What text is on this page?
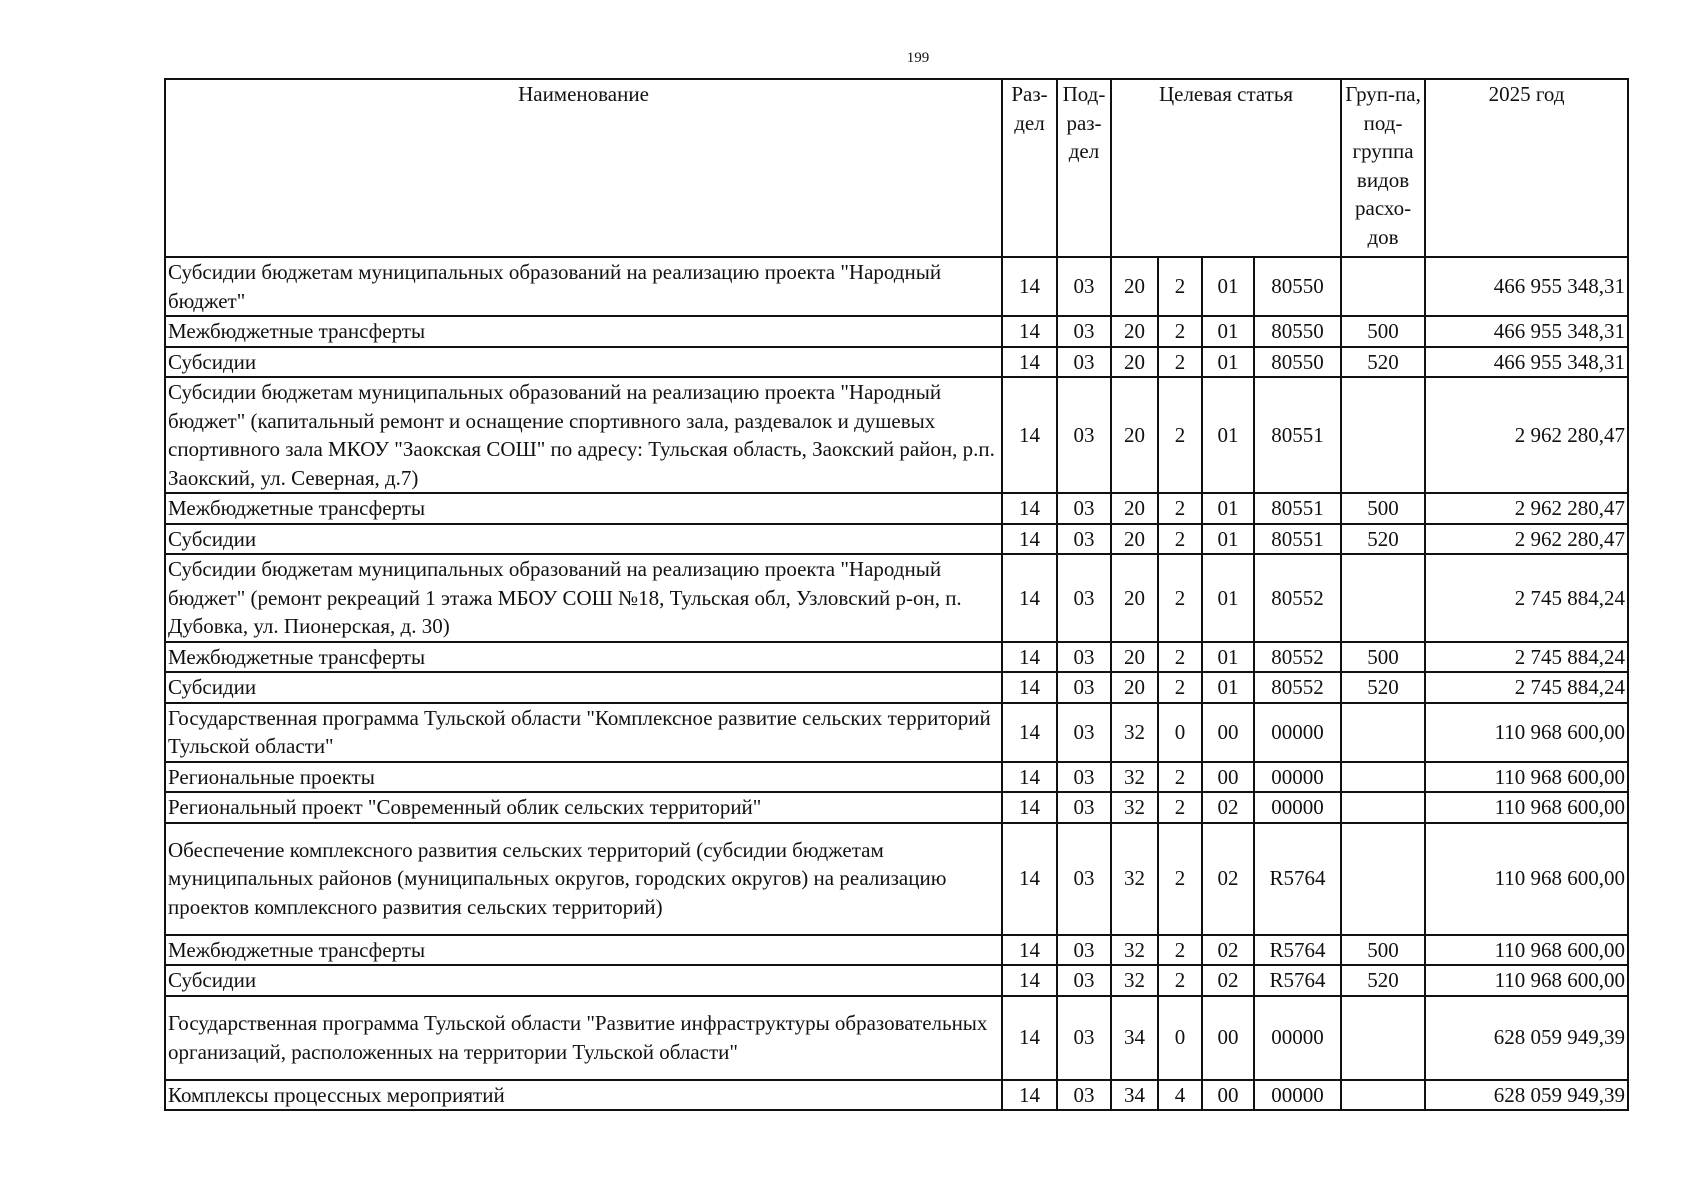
199
Наименование	Раз-дел	Под-раз-дел	Целевая статья				Груп-па, под-группа видов расхо-дов	2025 год
Субсидии бюджетам муниципальных образований на реализацию проекта "Народный бюджет"	14	03	20	2	01	80550		466 955 348,31
Межбюджетные трансферты	14	03	20	2	01	80550	500	466 955 348,31
Субсидии	14	03	20	2	01	80550	520	466 955 348,31
Субсидии бюджетам муниципальных образований на реализацию проекта "Народный бюджет" (капитальный ремонт и оснащение спортивного зала, раздевалок и душевых спортивного зала МКОУ "Заокская СОШ" по адресу: Тульская область, Заокский район, р.п. Заокский, ул. Северная, д.7)	14	03	20	2	01	80551		2 962 280,47
Межбюджетные трансферты	14	03	20	2	01	80551	500	2 962 280,47
Субсидии	14	03	20	2	01	80551	520	2 962 280,47
Субсидии бюджетам муниципальных образований на реализацию проекта "Народный бюджет" (ремонт рекреаций 1 этажа МБОУ СОШ №18, Тульская обл, Узловский р-он, п. Дубовка, ул. Пионерская, д. 30)	14	03	20	2	01	80552		2 745 884,24
Межбюджетные трансферты	14	03	20	2	01	80552	500	2 745 884,24
Субсидии	14	03	20	2	01	80552	520	2 745 884,24
Государственная программа Тульской области "Комплексное развитие сельских территорий Тульской области"	14	03	32	0	00	00000		110 968 600,00
Региональные проекты	14	03	32	2	00	00000		110 968 600,00
Региональный проект "Современный облик сельских территорий"	14	03	32	2	02	00000		110 968 600,00
Обеспечение комплексного развития сельских территорий (субсидии бюджетам муниципальных районов (муниципальных округов, городских округов) на реализацию проектов комплексного развития сельских территорий)	14	03	32	2	02	R5764		110 968 600,00
Межбюджетные трансферты	14	03	32	2	02	R5764	500	110 968 600,00
Субсидии	14	03	32	2	02	R5764	520	110 968 600,00
Государственная программа Тульской области "Развитие инфраструктуры образовательных организаций, расположенных на территории Тульской области"	14	03	34	0	00	00000		628 059 949,39
Комплексы процессных мероприятий	14	03	34	4	00	00000		628 059 949,39
